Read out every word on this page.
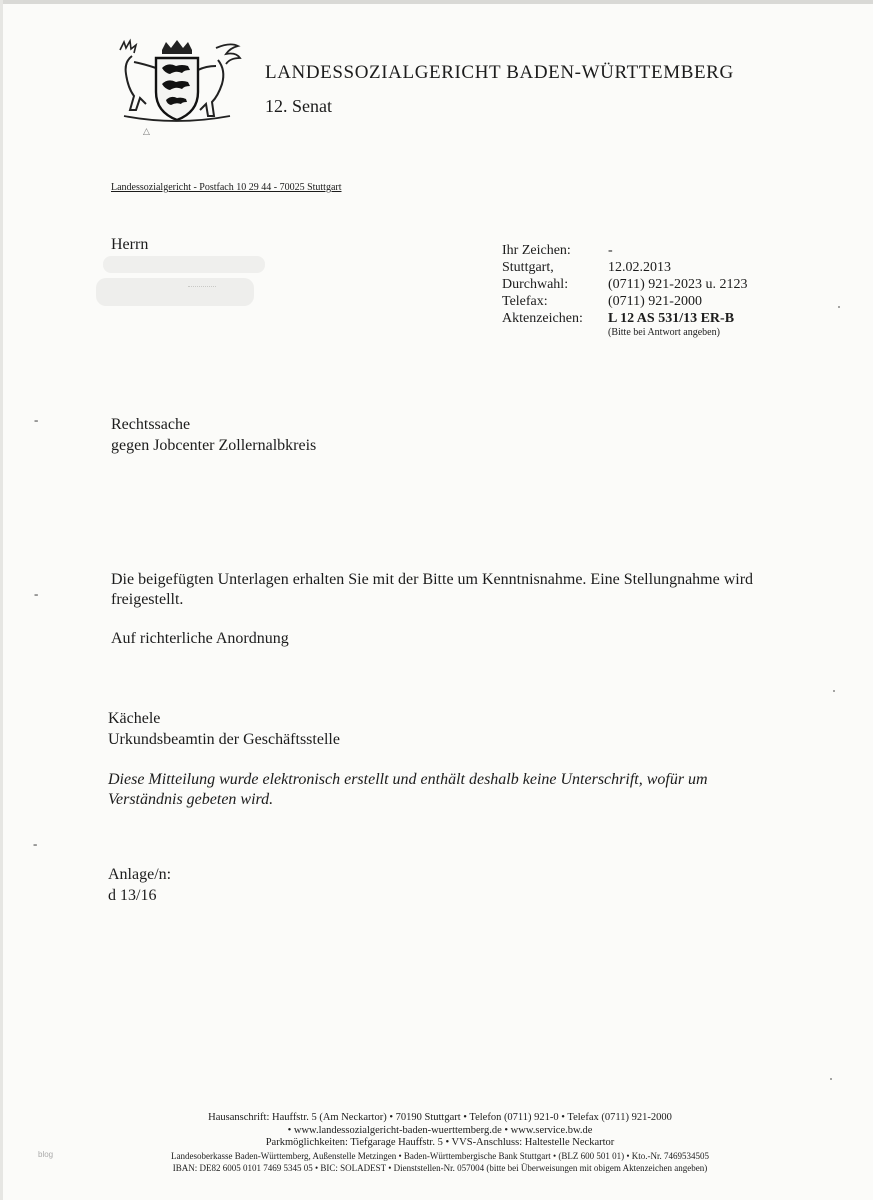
LANDESSOZIALGERICHT BADEN-WÜRTTEMBERG
12. Senat
△
Landessozialgericht - Postfach 10 29 44 - 70025 Stuttgart
Herrn	Ihr Zeichen:	-
Stuttgart,	12.02.2013
Durchwahl:	(0711) 921-2023 u. 2123
Telefax:	(0711) 921-2000
Aktenzeichen:	L 12 AS 531/13 ER-B
(Bitte bei Antwort angeben)
Rechtssache
gegen Jobcenter Zollernalbkreis
Die beigefügten Unterlagen erhalten Sie mit der Bitte um Kenntnisnahme. Eine Stellungnahme wird freigestellt.
Auf richterliche Anordnung
Kächele
Urkundsbeamtin der Geschäftsstelle
Diese Mitteilung wurde elektronisch erstellt und enthält deshalb keine Unterschrift, wofür um Verständnis gebeten wird.
Anlage/n:
d 13/16
-
-
-
Hausanschrift: Hauffstr. 5 (Am Neckartor) • 70190 Stuttgart • Telefon (0711) 921-0 • Telefax (0711) 921-2000
• www.landessozialgericht-baden-wuerttemberg.de • www.service.bw.de
Parkmöglichkeiten: Tiefgarage Hauffstr. 5 • VVS-Anschluss: Haltestelle Neckartor
Landesoberkasse Baden-Württemberg, Außenstelle Metzingen • Baden-Württembergische Bank Stuttgart • (BLZ 600 501 01) • Kto.-Nr. 7469534505
IBAN: DE82 6005 0101 7469 5345 05 • BIC: SOLADEST • Dienststellen-Nr. 057004 (bitte bei Überweisungen mit obigem Aktenzeichen angeben)
blog
